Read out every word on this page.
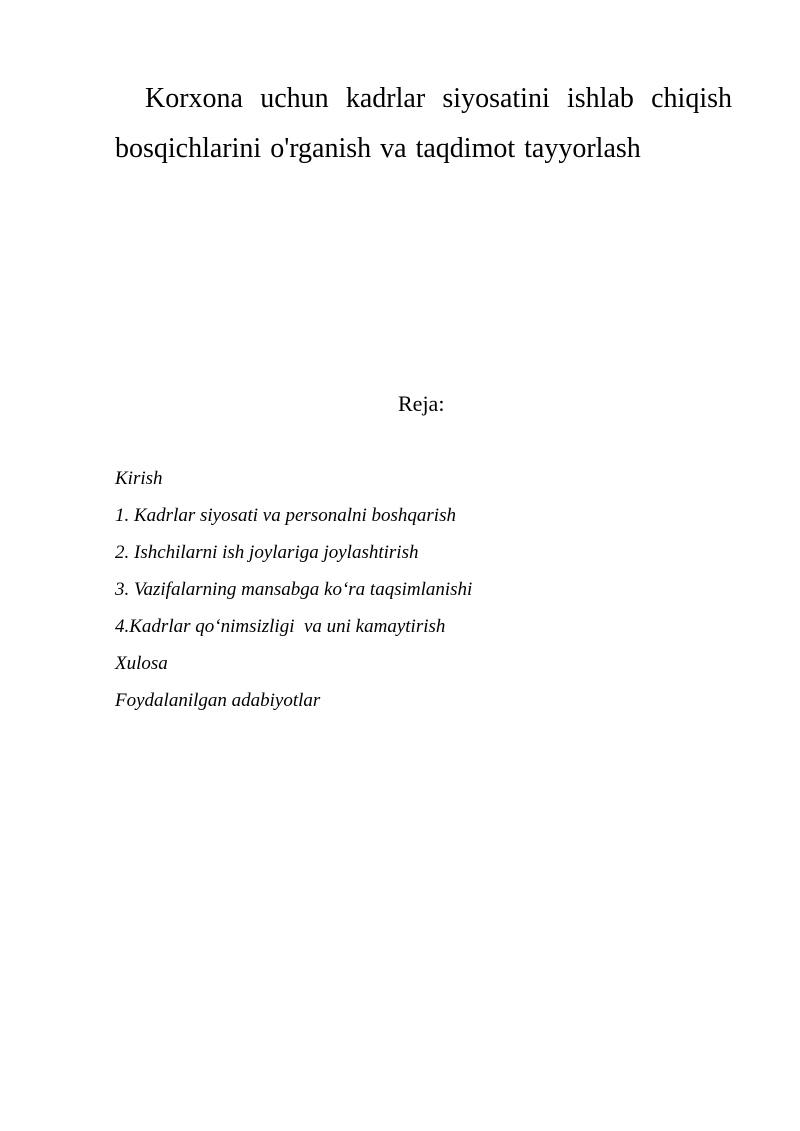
Korxona uchun kadrlar siyosatini ishlab chiqish bosqichlarini o'rganish va taqdimot tayyorlash

Reja:

Kirish
1. Kadrlar siyosati va personalni boshqarish
2. Ishchilarni ish joylariga joylashtirish
3. Vazifalarning mansabga ko‘ra taqsimlanishi
4.Kadrlar qo‘nimsizligi  va uni kamaytirish
Xulosa
Foydalanilgan adabiyotlar
